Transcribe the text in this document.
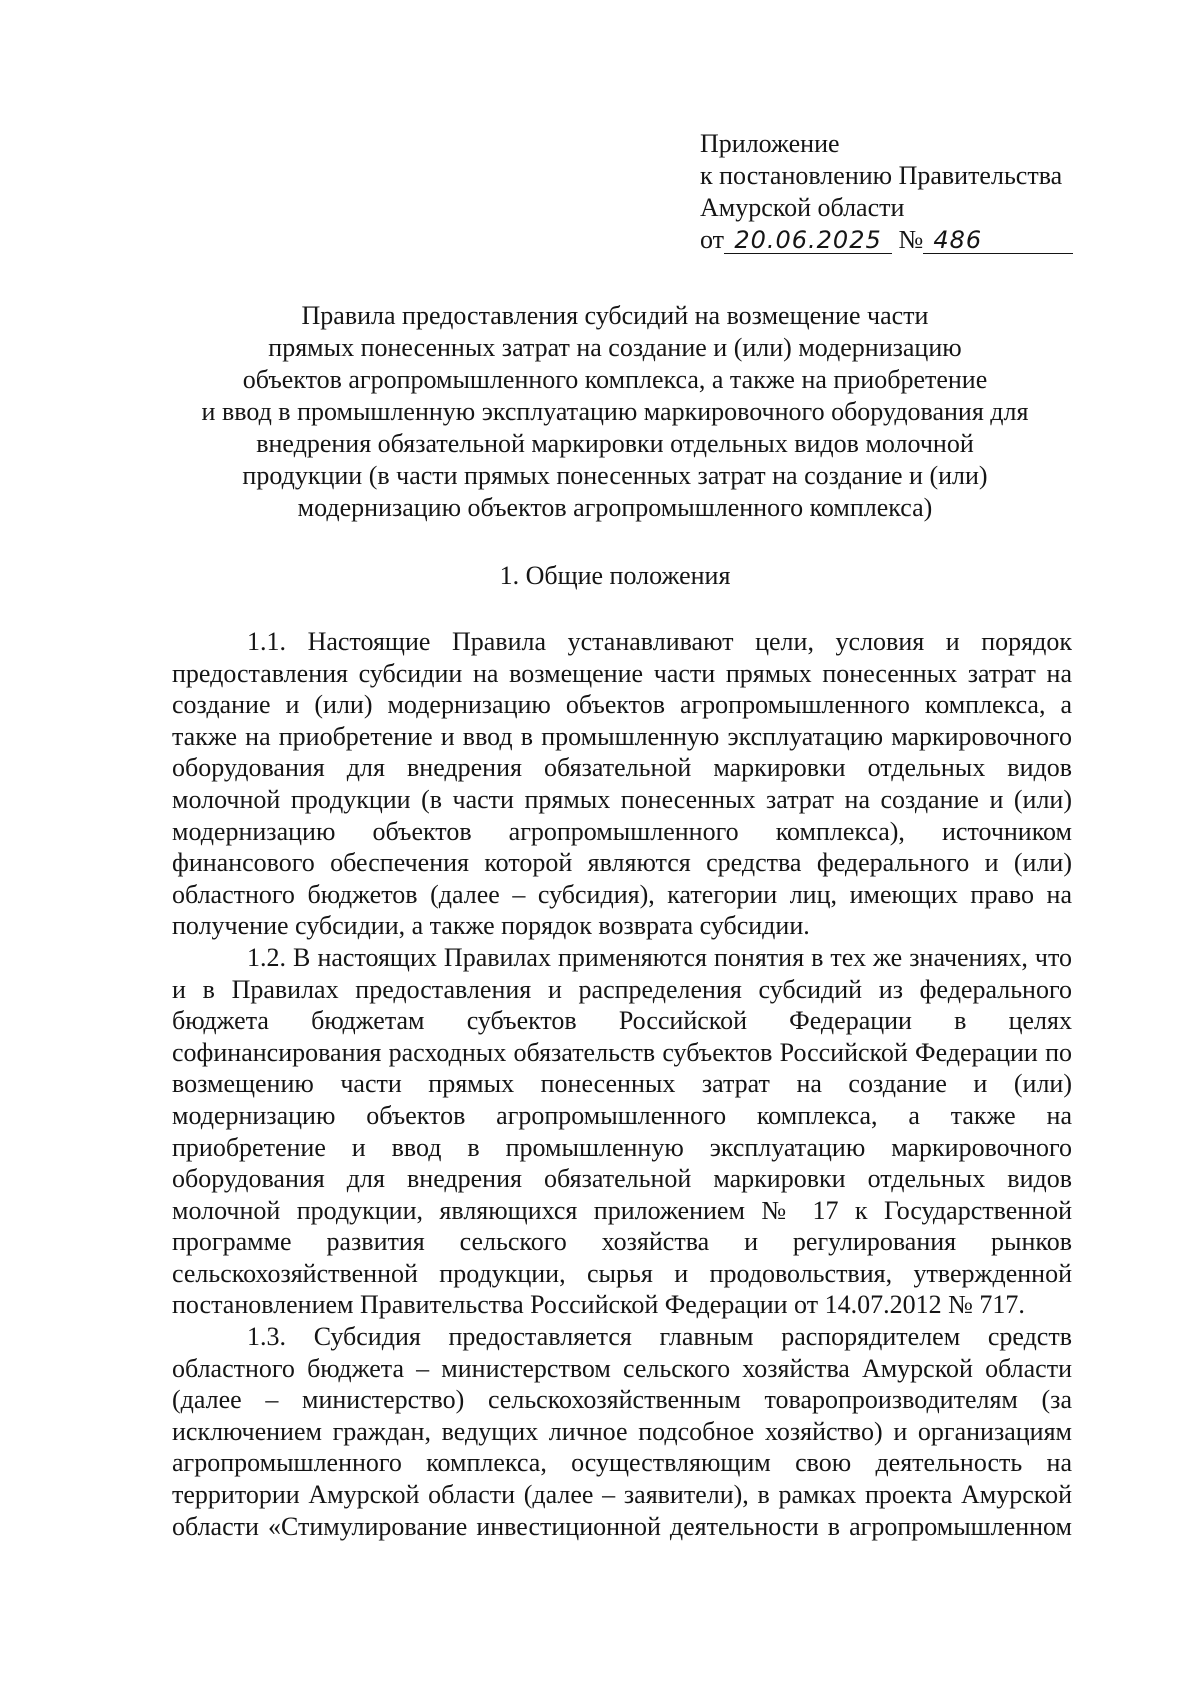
Приложение
к постановлению Правительства
Амурской области
от 20.06.2025 № 486
Правила предоставления субсидий на возмещение части
прямых понесенных затрат на создание и (или) модернизацию
объектов агропромышленного комплекса, а также на приобретение
и ввод в промышленную эксплуатацию маркировочного оборудования для
внедрения обязательной маркировки отдельных видов молочной
продукции (в части прямых понесенных затрат на создание и (или)
модернизацию объектов агропромышленного комплекса)
1. Общие положения
1.1. Настоящие Правила устанавливают цели, условия и порядок
предоставления субсидии на возмещение части прямых понесенных затрат на
создание и (или) модернизацию объектов агропромышленного комплекса, а
также на приобретение и ввод в промышленную эксплуатацию маркировочного
оборудования для внедрения обязательной маркировки отдельных видов
молочной продукции (в части прямых понесенных затрат на создание и (или)
модернизацию объектов агропромышленного комплекса), источником
финансового обеспечения которой являются средства федерального и (или)
областного бюджетов (далее – субсидия), категории лиц, имеющих право на
получение субсидии, а также порядок возврата субсидии.
1.2. В настоящих Правилах применяются понятия в тех же значениях, что
и в Правилах предоставления и распределения субсидий из федерального
бюджета бюджетам субъектов Российской Федерации в целях
софинансирования расходных обязательств субъектов Российской Федерации по
возмещению части прямых понесенных затрат на создание и (или)
модернизацию объектов агропромышленного комплекса, а также на
приобретение и ввод в промышленную эксплуатацию маркировочного
оборудования для внедрения обязательной маркировки отдельных видов
молочной продукции, являющихся приложением № 17 к Государственной
программе развития сельского хозяйства и регулирования рынков
сельскохозяйственной продукции, сырья и продовольствия, утвержденной
постановлением Правительства Российской Федерации от 14.07.2012 № 717.
1.3. Субсидия предоставляется главным распорядителем средств
областного бюджета – министерством сельского хозяйства Амурской области
(далее – министерство) сельскохозяйственным товаропроизводителям (за
исключением граждан, ведущих личное подсобное хозяйство) и организациям
агропромышленного комплекса, осуществляющим свою деятельность на
территории Амурской области (далее – заявители), в рамках проекта Амурской
области «Стимулирование инвестиционной деятельности в агропромышленном
